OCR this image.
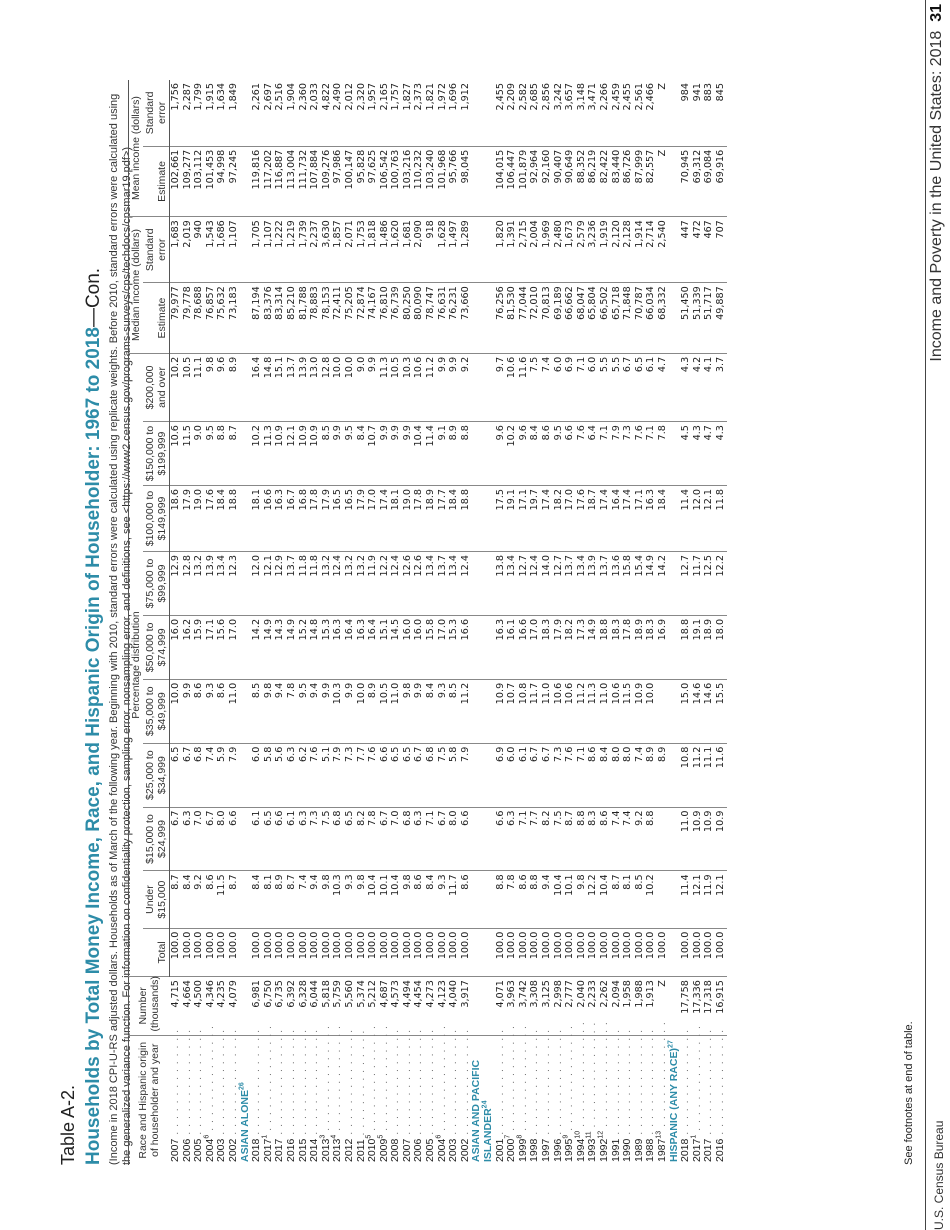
Table A-2. Households by Total Money Income, Race, and Hispanic Origin of Householder: 1967 to 2018—Con. (Income in 2018 CPI-U-RS adjusted dollars. Households as of March of the following year. Beginning with 2010, standard errors were calculated using replicate weights. Before 2010, standard errors were calculated using the generalized variance function. For information on confidentiality protection, sampling error, nonsampling error, and definitions, see <https://www2.census.gov/programs-surveys/cps/techdocs/cpsmar19.pdf>) Race and Hispanic origin of householder and year	Number (thousands)	Percentage distribution										Median income (dollars)		Mean income (dollars)	
		Total	Under $15,000	$15,000 to $24,999	$25,000 to $34,999	$35,000 to $49,999	$50,000 to $74,999	$75,000 to $99,999	$100,000 to $149,999	$150,000 to $199,999	$200,000 and over	Estimate	Standard error	Estimate	Standard error
2007 . . . . . . . . . . . . . .	4,715	100.0	8.7	6.7	6.5	10.0	16.0	12.9	18.6	10.6	10.2	79,977	1,683	102,661	1,756
2006 . . . . . . . . . . . . . .	4,664	100.0	8.4	6.3	6.7	9.9	16.2	12.8	17.9	11.5	10.5	79,778	2,019	109,277	2,287
2005 . . . . . . . . . . . . . .	4,500	100.0	9.2	7.0	6.8	8.6	15.9	13.2	19.0	9.0	11.1	78,688	940	103,112	1,799
2004$^6$ . . . . . . . . . . . . . .	4,346	100.0	8.6	6.7	7.4	9.3	17.1	13.9	17.6	9.5	9.8	76,857	1,543	101,453	1,915
2003 . . . . . . . . . . . . . .	4,235	100.0	11.5	8.0	5.9	8.6	15.6	13.4	18.4	8.8	9.6	75,632	1,686	94,998	1,634
2002 . . . . . . . . . . . . . .	4,079	100.0	8.7	6.6	7.9	11.0	17.0	12.3	18.8	8.7	8.9	73,183	1,107	97,245	1,849
ASIAN ALONE$^{26}$															
2018 . . . . . . . . . . . . . .	6,981	100.0	8.4	6.1	6.0	8.5	14.2	12.0	18.1	10.2	16.4	87,194	1,705	119,816	2,261
2017$^1$ . . . . . . . . . . . . . .	6,750	100.0	8.1	6.5	5.8	9.8	14.9	12.1	16.6	11.3	14.8	83,376	1,107	117,202	2,697
2017 . . . . . . . . . . . . . .	6,735	100.0	8.9	6.6	5.6	9.4	14.3	12.9	16.3	10.9	15.1	83,314	1,222	116,887	2,516
2016 . . . . . . . . . . . . . .	6,392	100.0	8.7	6.1	6.3	7.8	14.9	13.7	16.7	12.1	13.7	85,210	1,219	113,004	1,904
2015 . . . . . . . . . . . . . .	6,328	100.0	7.4	6.3	6.2	9.5	15.2	11.8	16.8	10.9	13.9	81,788	1,739	111,732	2,360
2014 . . . . . . . . . . . . . .	6,044	100.0	9.4	7.3	7.6	9.4	14.8	11.8	17.8	10.9	13.0	78,883	2,237	107,884	2,033
2013$^3$ . . . . . . . . . . . . . .	5,818	100.0	9.8	7.5	5.1	9.9	15.3	13.2	17.9	8.5	12.8	78,153	3,630	109,276	4,822
2013$^4$ . . . . . . . . . . . . . .	5,759	100.0	10.3	6.8	7.9	10.3	16.3	12.4	16.5	9.9	10.0	72,411	1,857	97,986	2,490
2012 . . . . . . . . . . . . . .	5,560	100.0	9.3	6.5	7.3	9.9	16.4	13.2	16.5	9.5	10.0	75,205	2,071	100,147	2,012
2011 . . . . . . . . . . . . . .	5,374	100.0	9.8	8.2	7.7	10.0	16.3	13.2	17.9	8.4	9.0	72,874	1,753	95,828	2,320
2010$^5$ . . . . . . . . . . . . . .	5,212	100.0	10.4	7.8	7.6	8.9	16.4	11.9	17.0	10.7	9.9	74,167	1,818	97,625	1,957
2009$^5$ . . . . . . . . . . . . . .	4,687	100.0	10.1	6.7	6.6	10.5	15.1	12.2	17.4	9.9	11.3	76,810	1,486	106,542	2,165
2008 . . . . . . . . . . . . . .	4,573	100.0	10.4	7.0	6.5	11.0	14.5	12.4	18.1	9.9	10.5	76,739	1,620	100,763	1,757
2007 . . . . . . . . . . . . . .	4,494	100.0	9.8	6.8	6.5	9.8	16.0	12.6	19.0	9.9	10.3	80,250	1,681	103,216	1,827
2006 . . . . . . . . . . . . . .	4,454	100.0	8.6	6.3	6.7	9.9	16.0	12.6	17.8	10.4	10.6	80,090	2,090	110,232	2,373
2005 . . . . . . . . . . . . . .	4,273	100.0	8.4	7.1	6.8	8.4	15.8	13.4	18.9	11.4	11.2	78,747	918	103,240	1,821
2004$^6$ . . . . . . . . . . . . . .	4,123	100.0	9.3	6.7	7.5	9.3	17.0	13.7	17.7	9.1	9.9	76,631	1,628	101,968	1,972
2003 . . . . . . . . . . . . . .	4,040	100.0	11.7	8.0	5.8	8.5	15.3	13.4	18.4	8.9	9.9	76,231	1,497	95,766	1,696
2002 . . . . . . . . . . . . . .	3,917	100.0	8.6	6.6	7.9	11.2	16.6	12.4	18.8	8.8	9.2	73,660	1,289	98,045	1,912
ASIAN AND PACIFIC ISLANDER$^{24}$															
2001 . . . . . . . . . . . . . .	4,071	100.0	8.8	6.6	6.9	10.9	16.3	13.8	17.5	9.6	9.7	76,256	1,820	104,015	2,455
2000$^7$ . . . . . . . . . . . . . .	3,963	100.0	7.8	6.3	6.0	10.7	16.1	13.4	19.1	10.2	10.6	81,530	1,391	106,447	2,209
1999$^8$ . . . . . . . . . . . . . .	3,742	100.0	8.6	7.1	6.1	10.8	16.6	12.7	17.1	9.6	11.6	77,044	2,715	101,879	2,582
1998 . . . . . . . . . . . . . .	3,308	100.0	8.8	7.7	6.7	11.7	17.0	12.4	19.7	8.4	7.5	72,010	2,004	92,964	2,685
1997 . . . . . . . . . . . . . .	3,125	100.0	9.4	8.2	6.7	11.0	18.3	14.0	17.4	8.6	7.4	70,813	1,969	92,160	2,856
1996 . . . . . . . . . . . . . .	2,998	100.0	10.4	7.5	7.3	10.6	17.9	12.7	18.2	9.5	6.0	69,189	2,480	90,407	3,242
1995$^9$ . . . . . . . . . . . . . .	2,777	100.0	10.1	8.7	7.6	10.6	18.2	13.7	17.0	6.6	6.9	66,662	1,673	90,649	3,657
1994$^{10}$ . . . . . . . . . . . . . .	2,040	100.0	9.8	8.8	7.1	11.2	17.3	13.4	17.6	7.6	7.1	68,047	2,579	88,352	3,148
1993$^{11}$ . . . . . . . . . . . . . .	2,233	100.0	12.2	8.3	8.6	11.3	14.9	13.9	18.7	6.4	6.0	65,804	3,236	86,219	3,471
1992$^{12}$ . . . . . . . . . . . . . .	2,262	100.0	10.4	8.6	8.4	11.0	18.8	13.7	17.4	7.1	5.5	66,502	1,919	82,422	2,266
1991 . . . . . . . . . . . . . .	2,094	100.0	8.7	7.4	8.0	10.6	18.3	13.6	16.4	7.9	5.5	65,718	2,120	83,440	2,459
1990 . . . . . . . . . . . . . .	1,958	100.0	8.1	7.4	8.0	11.5	17.8	15.8	17.4	7.3	6.7	71,848	2,128	86,726	2,455
1989 . . . . . . . . . . . . . .	1,988	100.0	8.5	9.2	7.4	10.9	18.9	15.4	17.1	7.6	6.5	70,787	1,914	87,999	2,561
1988 . . . . . . . . . . . . . .	1,913	100.0	10.2	8.8	8.9	10.0	18.3	14.9	16.3	7.1	6.1	66,034	2,714	82,557	2,466
1987$^{13}$ . . . . . . . . . . . . . .	Z	100.0			8.9		16.9	14.2	18.4	7.8	4.7	68,332	2,540	Z	Z
HISPANIC (ANY RACE)$^{27}$															
2018 . . . . . . . . . . . . . .	17,758	100.0	11.4	11.0	10.8	15.0	18.8	12.7	11.4	4.5	4.3	51,450	447	70,945	984
2017$^1$ . . . . . . . . . . . . . .	17,336	100.0	12.1	10.9	11.2	14.6	19.1	11.7	12.0	4.3	4.2	51,339	472	69,312	941
2017 . . . . . . . . . . . . . .	17,318	100.0	11.9	10.9	11.1	14.6	18.9	12.5	12.1	4.7	4.1	51,717	467	69,084	883
2016 . . . . . . . . . . . . . .	16,915	100.0	12.1	10.9	11.6	15.5	18.0	12.2	11.8	4.3	3.7	49,887	707	69,916	845
See footnotes at end of table.
U.S. Census Bureau
Income and Poverty in the United States: 2018  31
